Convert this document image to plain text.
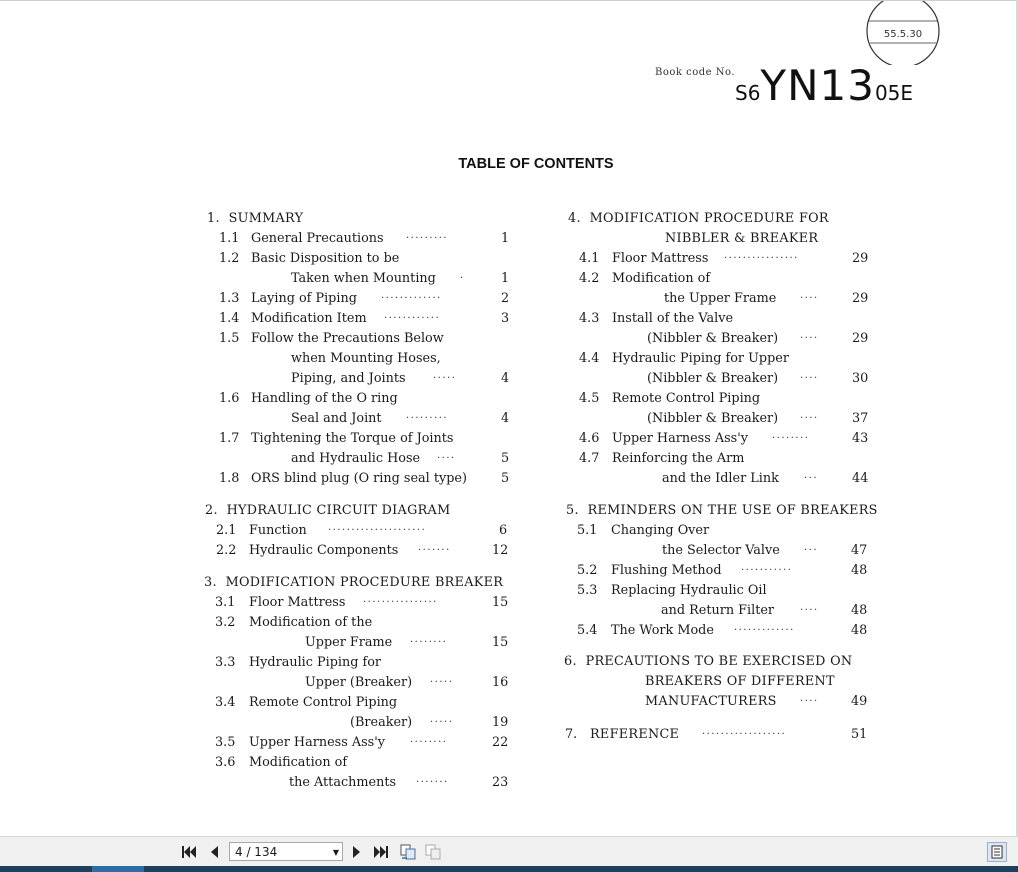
55.5.30
Book code No.
S6YN1305E
TABLE OF CONTENTS
1. SUMMARY
1.1 General Precautions ·········	1
1.2 Basic Disposition to be
Taken when Mounting ·	1
1.3 Laying of Piping ·············	2
1.4 Modification Item ············	3
1.5 Follow the Precautions Below
when Mounting Hoses,
Piping, and Joints	·····	4
1.6 Handling of the O ring
Seal and Joint ·········	4
1.7 Tightening the Torque of Joints
and Hydraulic Hose ····	5
1.8 ORS blind plug (O ring seal type)	5
2. HYDRAULIC CIRCUIT DIAGRAM
2.1 Function ·····················	6
2.2 Hydraulic Components ·······	12
3. MODIFICATION PROCEDURE BREAKER
3.1 Floor Mattress ················	15
3.2 Modification of the
Upper Frame ········	15
3.3 Hydraulic Piping for
Upper (Breaker) ·····	16
3.4 Remote Control Piping
(Breaker) ·····	19
3.5 Upper Harness Ass'y	········	22
3.6 Modification of
the Attachments ·······	23
4. MODIFICATION PROCEDURE FOR
NIBBLER & BREAKER
4.1 Floor Mattress ················	29
4.2 Modification of
the Upper Frame ····	29
4.3 Install of the Valve
(Nibbler & Breaker) ····	29
4.4 Hydraulic Piping for Upper
(Nibbler & Breaker) ····	30
4.5 Remote Control Piping
(Nibbler & Breaker) ····	37
4.6 Upper Harness Ass'y ········	43
4.7 Reinforcing the Arm
and the Idler Link	···	44
5. REMINDERS ON THE USE OF BREAKERS
5.1 Changing Over
the Selector Valve ···	47
5.2 Flushing Method ···········	48
5.3 Replacing Hydraulic Oil
and Return Filter	····	48
5.4 The Work Mode ·············	48
6. PRECAUTIONS TO BE EXERCISED ON
BREAKERS OF DIFFERENT
MANUFACTURERS ····	49
7. REFERENCE ··················	51
4 / 134	▼
